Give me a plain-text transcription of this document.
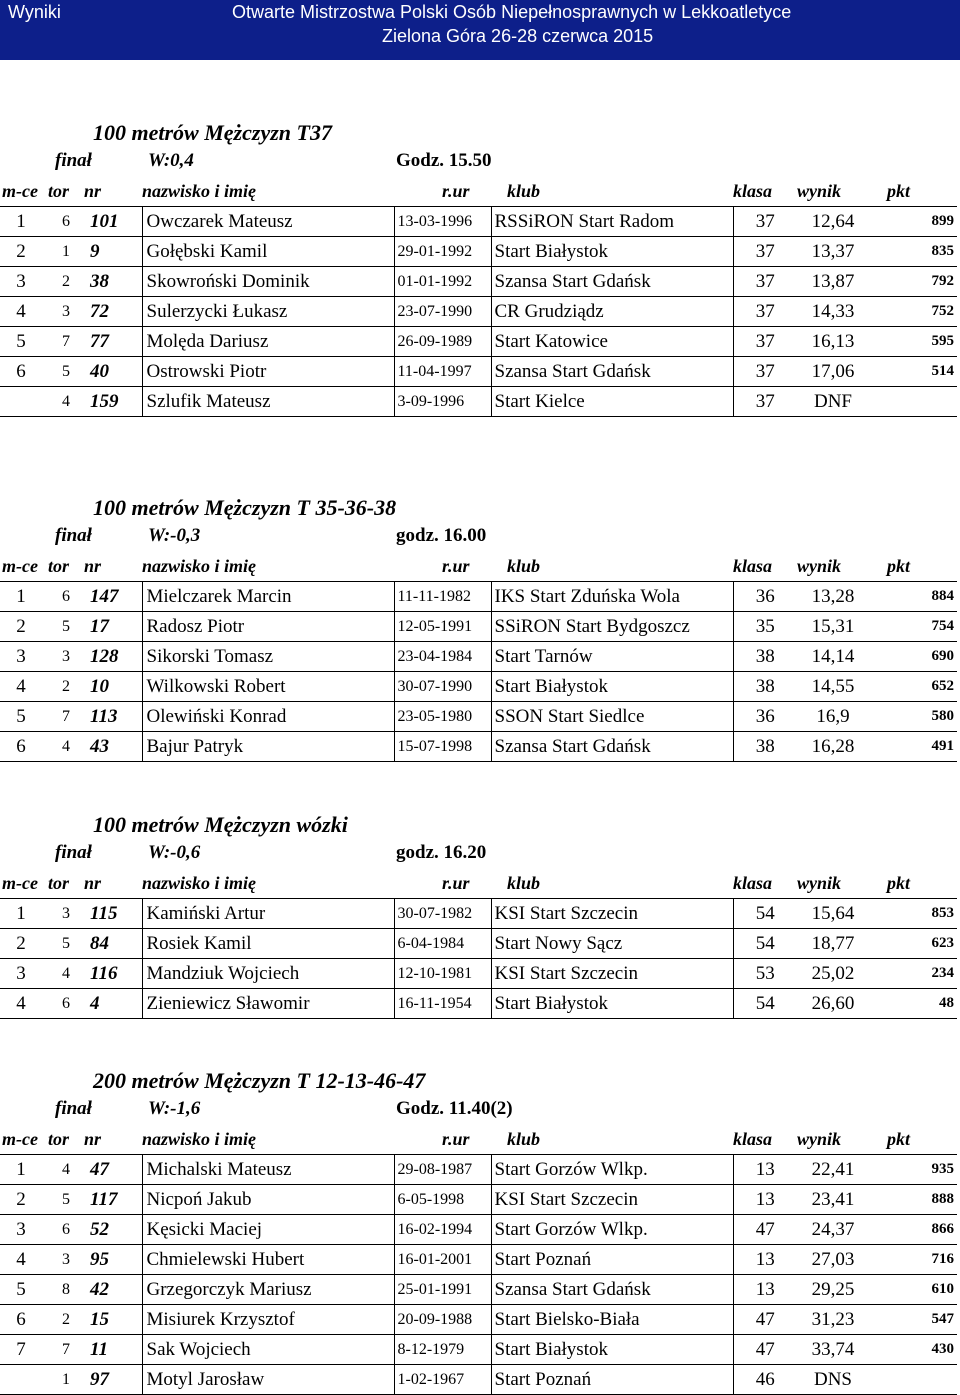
Wyniki	Otwarte Mistrzostwa Polski Osób Niepełnosprawnych w Lekkoatletyce
Zielona Góra 26-28 czerwca 2015
100 metrów Mężczyzn T37
finał	W:0,4	Godz. 15.50
m-ce	tor	nr	nazwisko i imię	r.ur	klub	klasa	wynik	pkt
1	6	101	Owczarek Mateusz	13-03-1996	RSSiRON Start Radom	37	12,64	899
2	1	9	Gołębski Kamil	29-01-1992	Start Białystok	37	13,37	835
3	2	38	Skowroński Dominik	01-01-1992	Szansa Start Gdańsk	37	13,87	792
4	3	72	Sulerzycki Łukasz	23-07-1990	CR Grudziądz	37	14,33	752
5	7	77	Molęda Dariusz	26-09-1989	Start Katowice	37	16,13	595
6	5	40	Ostrowski Piotr	11-04-1997	Szansa Start Gdańsk	37	17,06	514
	4	159	Szlufik Mateusz	3-09-1996	Start Kielce	37	DNF	
100 metrów Mężczyzn T 35-36-38
finał	W:-0,3	godz. 16.00
m-ce	tor	nr	nazwisko i imię	r.ur	klub	klasa	wynik	pkt
1	6	147	Mielczarek Marcin	11-11-1982	IKS Start Zduńska Wola	36	13,28	884
2	5	17	Radosz Piotr	12-05-1991	SSiRON Start Bydgoszcz	35	15,31	754
3	3	128	Sikorski Tomasz	23-04-1984	Start Tarnów	38	14,14	690
4	2	10	Wilkowski Robert	30-07-1990	Start Białystok	38	14,55	652
5	7	113	Olewiński Konrad	23-05-1980	SSON Start Siedlce	36	16,9	580
6	4	43	Bajur Patryk	15-07-1998	Szansa Start Gdańsk	38	16,28	491
100 metrów Mężczyzn wózki
finał	W:-0,6	godz. 16.20
m-ce	tor	nr	nazwisko i imię	r.ur	klub	klasa	wynik	pkt
1	3	115	Kamiński Artur	30-07-1982	KSI Start Szczecin	54	15,64	853
2	5	84	Rosiek Kamil	6-04-1984	Start Nowy Sącz	54	18,77	623
3	4	116	Mandziuk Wojciech	12-10-1981	KSI Start Szczecin	53	25,02	234
4	6	4	Zieniewicz Sławomir	16-11-1954	Start Białystok	54	26,60	48
200 metrów Mężczyzn T 12-13-46-47
finał	W:-1,6	Godz. 11.40(2)
m-ce	tor	nr	nazwisko i imię	r.ur	klub	klasa	wynik	pkt
1	4	47	Michalski Mateusz	29-08-1987	Start Gorzów Wlkp.	13	22,41	935
2	5	117	Nicpoń Jakub	6-05-1998	KSI Start Szczecin	13	23,41	888
3	6	52	Kęsicki Maciej	16-02-1994	Start Gorzów Wlkp.	47	24,37	866
4	3	95	Chmielewski Hubert	16-01-2001	Start Poznań	13	27,03	716
5	8	42	Grzegorczyk Mariusz	25-01-1991	Szansa Start Gdańsk	13	29,25	610
6	2	15	Misiurek Krzysztof	20-09-1988	Start Bielsko-Biała	47	31,23	547
7	7	11	Sak Wojciech	8-12-1979	Start Białystok	47	33,74	430
	1	97	Motyl Jarosław	1-02-1967	Start Poznań	46	DNS	
